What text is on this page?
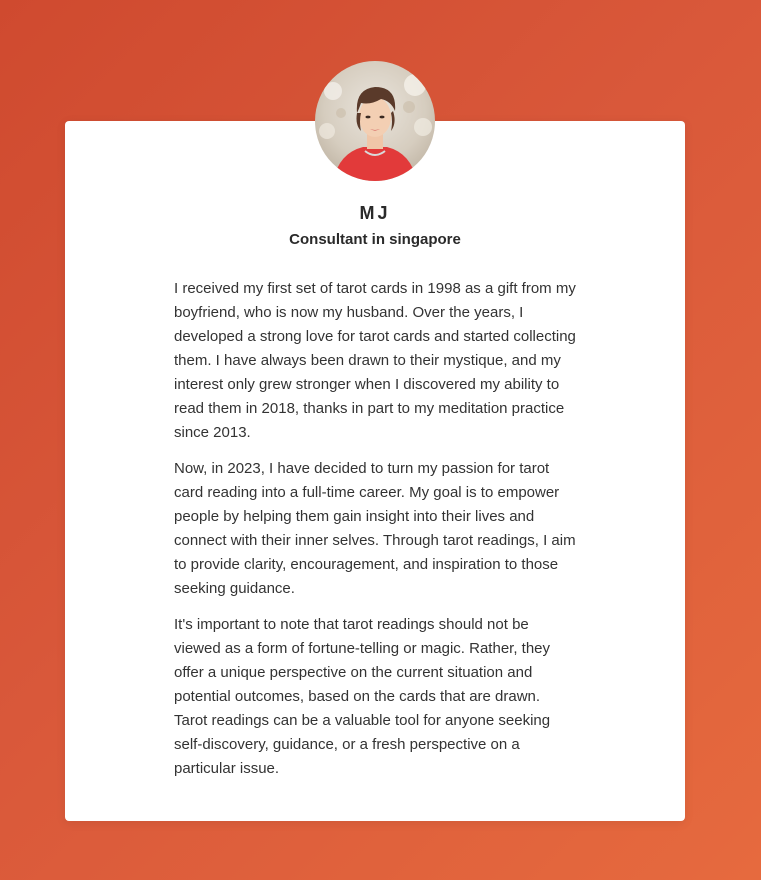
MJ
Consultant in singapore

I received my first set of tarot cards in 1998 as a gift from my boyfriend, who is now my husband. Over the years, I developed a strong love for tarot cards and started collecting them. I have always been drawn to their mystique, and my interest only grew stronger when I discovered my ability to read them in 2018, thanks in part to my meditation practice since 2013.

Now, in 2023, I have decided to turn my passion for tarot card reading into a full-time career. My goal is to empower people by helping them gain insight into their lives and connect with their inner selves. Through tarot readings, I aim to provide clarity, encouragement, and inspiration to those seeking guidance.

It's important to note that tarot readings should not be viewed as a form of fortune-telling or magic. Rather, they offer a unique perspective on the current situation and potential outcomes, based on the cards that are drawn. Tarot readings can be a valuable tool for anyone seeking self-discovery, guidance, or a fresh perspective on a particular issue.
